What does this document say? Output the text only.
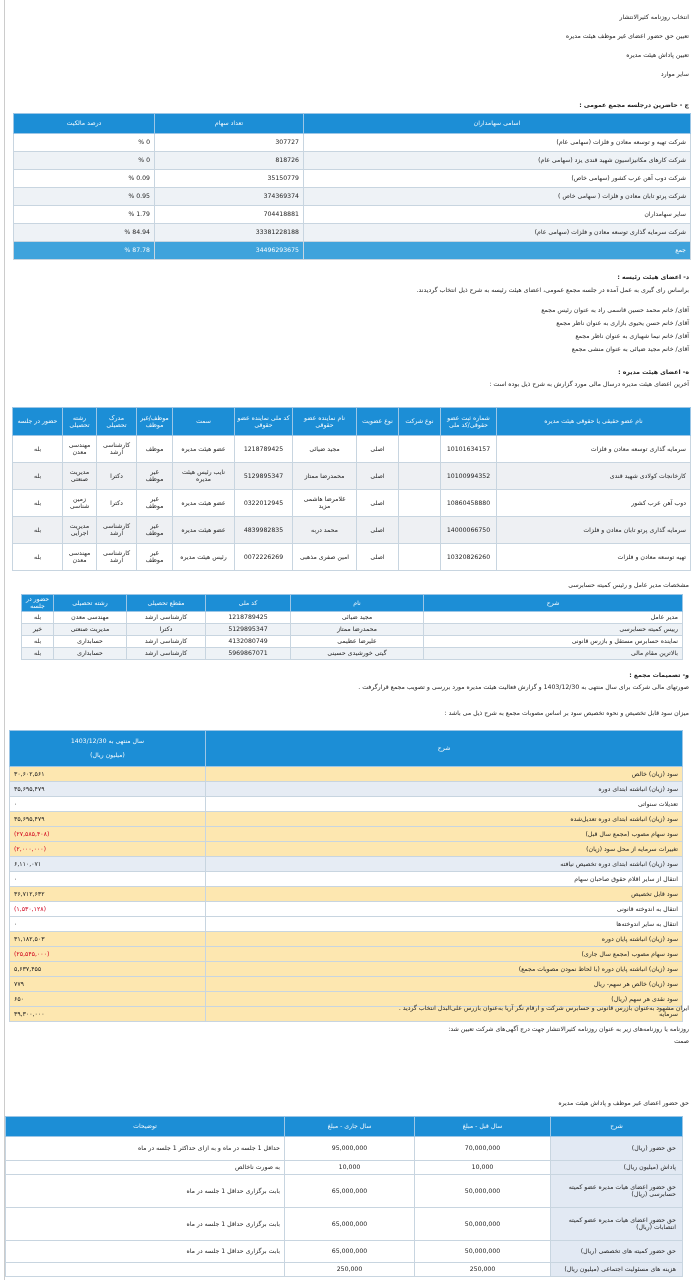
انتخاب روزنامه کثیرالانتشار
تعیین حق حضور اعضای غیر موظف هیئت مدیره
تعیین پاداش هیئت مدیره
سایر موارد
ج - حاضرین درجلسه مجمع عمومی :
اسامی سهامداران	تعداد سهام	درصد مالکیت
شرکت تهیه و توسعه معادن و فلزات (سهامی عام)	307727	0 %
شرکت کارهای مکانیزاسیون شهید قندی یزد (سهامی عام)	818726	0 %
شرکت دوب آهن عرب کشور (سهامی خاص)	35150779	0.09 %
شرکت پرتو تابان معادن و فلزات ( سهامی خاص )	374369374	0.95 %
سایر سهامداران	704418881	1.79 %
شرکت سرمایه گذاری توسعه معادن و فلزات (سهامی عام)	33381228188	84.94 %
جمع	34496293675	87.78 %
د- اعضای هیئت رئیسه :
براساس رای گیری به عمل آمده در جلسه مجمع عمومی، اعضای هیئت رئیسه به شرح ذیل انتخاب گردیدند.
آقای/ خانم محمد حسین قاسمی راد به عنوان رئیس مجمع
آقای/ خانم حسن یحیوی بازاری به عنوان ناظر مجمع
آقای/ خانم نیما شهبازی به عنوان ناظر مجمع
آقای/ خانم مجید ضیائی به عنوان منشی مجمع
ه- اعضای هیئت مدیره :
آخرین اعضای هیئت مدیره درسال مالی مورد گزارش به شرح ذیل بوده است :
نام عضو حقیقی یا حقوقی هیئت مدیره	شماره ثبت عضو حقوقی/کد ملی	نوع شرکت	نوع عضویت	نام نماینده عضو حقوقی	کد ملی نماینده عضو حقوقی	سمت	موظف/غیر موظف	مدرک تحصیلی	رشته تحصیلی	حضور در جلسه
سرمایه گذاری توسعه معادن و فلزات	10101634157		اصلی	مجید ضیائی	1218789425	عضو هیئت مدیره	موظف	کارشناسی ارشد	مهندسی معدن	بله
کارخانجات کولادی شهید قندی	10100994352		اصلی	محمدرضا ممتاز	5129895347	نایب رئیس هیئت مدیره	غیر موظف	دکترا	مدیریت صنعتی	بله
دوب آهن عرب کشور	10860458880		اصلی	غلامرضا هاشمی مزید	0322012945	عضو هیئت مدیره	غیر موظف	دکترا	زمین شناسی	بله
سرمایه گذاری پرتو تابان معادن و فلزات	14000066750		اصلی	محمد دربه	4839982835	عضو هیئت مدیره	غیر موظف	کارشناسی ارشد	مدیریت اجرایی	بله
تهیه توسعه معادن و فلزات	10320826260		اصلی	امین صفری مذهبی	0072226269	رئیس هیئت مدیره	غیر موظف	کارشناسی ارشد	مهندسی معدن	بله
مشخصات مدیر عامل و رئیس کمیته حسابرسی
شرح	نام	کد ملی	مقطع تحصیلی	رشته تحصیلی	حضور در جلسه
مدیر عامل	مجید ضیائی	1218789425	کارشناسی ارشد	مهندسی معدن	بله
رییس کمیته حسابرسی	محمدرضا ممتاز	5129895347	دکترا	مدیریت صنعتی	خیر
نماینده حسابرس مستقل و بازرس قانونی	علیرضا عظیمی	4132080749	کارشناسی ارشد	حسابداری	بله
بالاترین مقام مالی	گیتی خورشیدی حسینی	5969867071	کارشناسی ارشد	حسابداری	بله
و- تصمیمات مجمع :
صورتهای مالی شرکت برای سال منتهی به 1403/12/30 و گزارش فعالیت هیئت مدیره مورد بررسی و تصویب مجمع قرارگرفت .
میزان سود قابل تخصیص و نحوه تخصیص سود بر اساس مصوبات مجمع به شرح ذیل می باشد :
شرح	سال منتهی به 1403/12/30
(میلیون ریال)
سود (زیان) خالص	۳۰,۶۰۲,۵۶۱
سود (زیان) انباشته ابتدای دوره	۳۵,۶۹۵,۴۷۹
تعدیلات سنواتی	۰
سود (زیان) انباشته ابتدای دوره تعدیل‌شده	۳۵,۶۹۵,۴۷۹
سود سهام مصوب (مجمع سال قبل)	(۲۷,۵۸۵,۴۰۸)
تغییرات سرمایه از محل سود (زیان)	(۲,۰۰۰,۰۰۰)
سود (زیان) انباشته ابتدای دوره تخصیص نیافته	۶,۱۱۰,۰۷۱
انتقال از سایر اقلام حقوق صاحبان سهام	۰
سود قابل تخصیص	۳۶,۷۱۲,۶۳۲
انتقال به اندوخته قانونی	(۱,۵۳۰,۱۲۸)
انتقال به سایر اندوخته‌ها	۰
سود (زیان) انباشته پایان دوره	۳۱,۱۸۲,۵۰۳
سود سهام مصوب (مجمع سال جاری)	(۲۵,۵۴۵,۰۰۰)
سود (زیان) انباشته پایان دوره (با لحاظ نمودن مصوبات مجمع)	۵,۶۳۷,۴۵۵
سود (زیان) خالص هر سهم- ریال	۷۷۹
سود نقدی هر سهم (ریال)	۶۵۰
سرمایه	۳۹,۳۰۰,۰۰۰
ایران مشهود به‌عنوان بازرس قانونی و حسابرس شرکت و ارقام نگر آریا به‌عنوان بازرس علی‌البدل انتخاب گردید .
روزنامه یا روزنامه‌های زیر به عنوان روزنامه کثیرالانتشار جهت درج آگهی‌های شرکت تعیین شد:
صمت
حق حضور اعضای غیر موظف و پاداش هیئت مدیره
شرح	سال قبل - مبلغ	سال جاری - مبلغ	توضیحات
حق حضور (ریال)	70,000,000	95,000,000	حداقل 1 جلسه در ماه و به ازای حداکثر 1 جلسه در ماه
پاداش (میلیون ریال)	10,000	10,000	به صورت ناخالص
حق حضور اعضای هیات مدیره عضو کمیته حسابرسی (ریال)	50,000,000	65,000,000	بابت برگزاری حداقل 1 جلسه در ماه
حق حضور اعضای هیات مدیره عضو کمیته انتصابات (ریال)	50,000,000	65,000,000	بابت برگزاری حداقل 1 جلسه در ماه
حق حضور کمیته های تخصصی (ریال)	50,000,000	65,000,000	بابت برگزاری حداقل 1 جلسه در ماه
هزینه های مسئولیت اجتماعی (میلیون ریال)	250,000	250,000	
